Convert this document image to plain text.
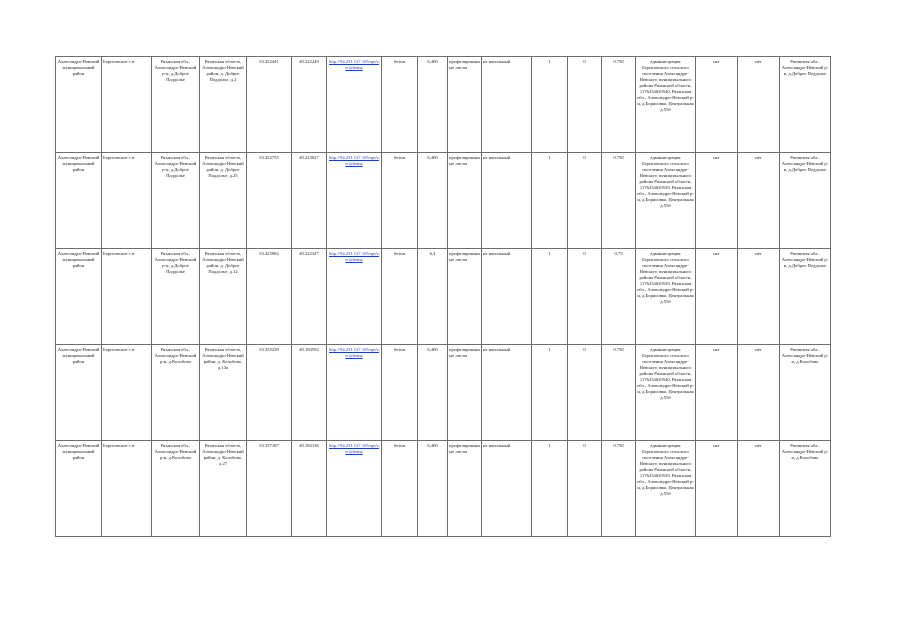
Александро-Невский муниципальный район	Борисовское с.п.	Рязанская обл., Александро-Невский р-н, д.Доброе Поддолье	Рязанская область, Александро-Невский район, д. Доброе Поддолье, д.2	53.452441	40.222249	http://94.231.127.105/api/cn.schema	бетон	6,400	профилированные листы	не напольный	1	0	0,750	администрация Борисовского сельского поселения Александро-Невского муниципального района Рязанской области, 1176234029540, Рязанская обл., Александро-Невский р-н, д.Борисовка, Центральная д.55б	нет	нет	Рязанская обл., Александро-Невский р-н, д.Доброе Поддолье
Александро-Невский муниципальный район	Борисовское с.п.	Рязанская обл., Александро-Невский р-н, д.Доброе Поддолье	Рязанская область, Александро-Невский район, д. Доброе Поддолье, д.25	53.452755	40.223027	http://94.231.127.105/api/cn.schema	бетон	6,400	профилированные листы	не напольный	1	0	0,750	администрация Борисовского сельского поселения Александро-Невского муниципального района Рязанской области, 1176234029539, Рязанская обл., Александро-Невский р-н, д.Борисовка, Центральная д.55б	нет	нет	Рязанская обл., Александро-Невский р-н, д.Доброе Поддолье
Александро-Невский муниципальный район	Борисовское с.п.	Рязанская обл., Александро-Невский р-н, д.Доброе Поддолье	Рязанская область, Александро-Невский район, д. Доброе Поддолье, д.12	53.425982	40.222347	http://94.231.127.105/api/cn.schema	бетон	6,4	профилированные листы	не напольный	1	0	0,75	администрация Борисовского сельского поселения Александро-Невского муниципального района Рязанской области, 1176234029539, Рязанская обл., Александро-Невский р-н, д.Борисовка, Центральная д.55б	нет	нет	Рязанская обл., Александро-Невский р-н, д.Доброе Поддолье
Александро-Невский муниципальный район	Борисовское с.п.	Рязанская обл., Александро-Невский р-н, д.Колобово	Рязанская область, Александро-Невский район, д. Колобово, д.13а	53.355239	40.183592	http://94.231.127.105/api/cn.schema	бетон	6,400	профилированные листы	не напольный	1	0	0,750	администрация Борисовского сельского поселения Александро-Невского муниципального района Рязанской области, 1176234029540, Рязанская обл., Александро-Невский р-н, д.Борисовка, Центральная д.55б	нет	нет	Рязанская обл., Александро-Невский р-н, д.Колобово
Александро-Невский муниципальный район	Борисовское с.п.	Рязанская обл., Александро-Невский р-н, д.Колобово	Рязанская область, Александро-Невский район, д. Колобово, д.27	53.357187	40.182136	http://94.231.127.105/api/cn.schema	бетон	6,400	профилированные листы	не напольный	1	0	0,750	администрация Борисовского сельского поселения Александро-Невского муниципального района Рязанской области, 1176234029539, Рязанская обл., Александро-Невский р-н, д.Борисовка, Центральная д.55б	нет	нет	Рязанская обл., Александро-Невский р-н, д.Колобово
